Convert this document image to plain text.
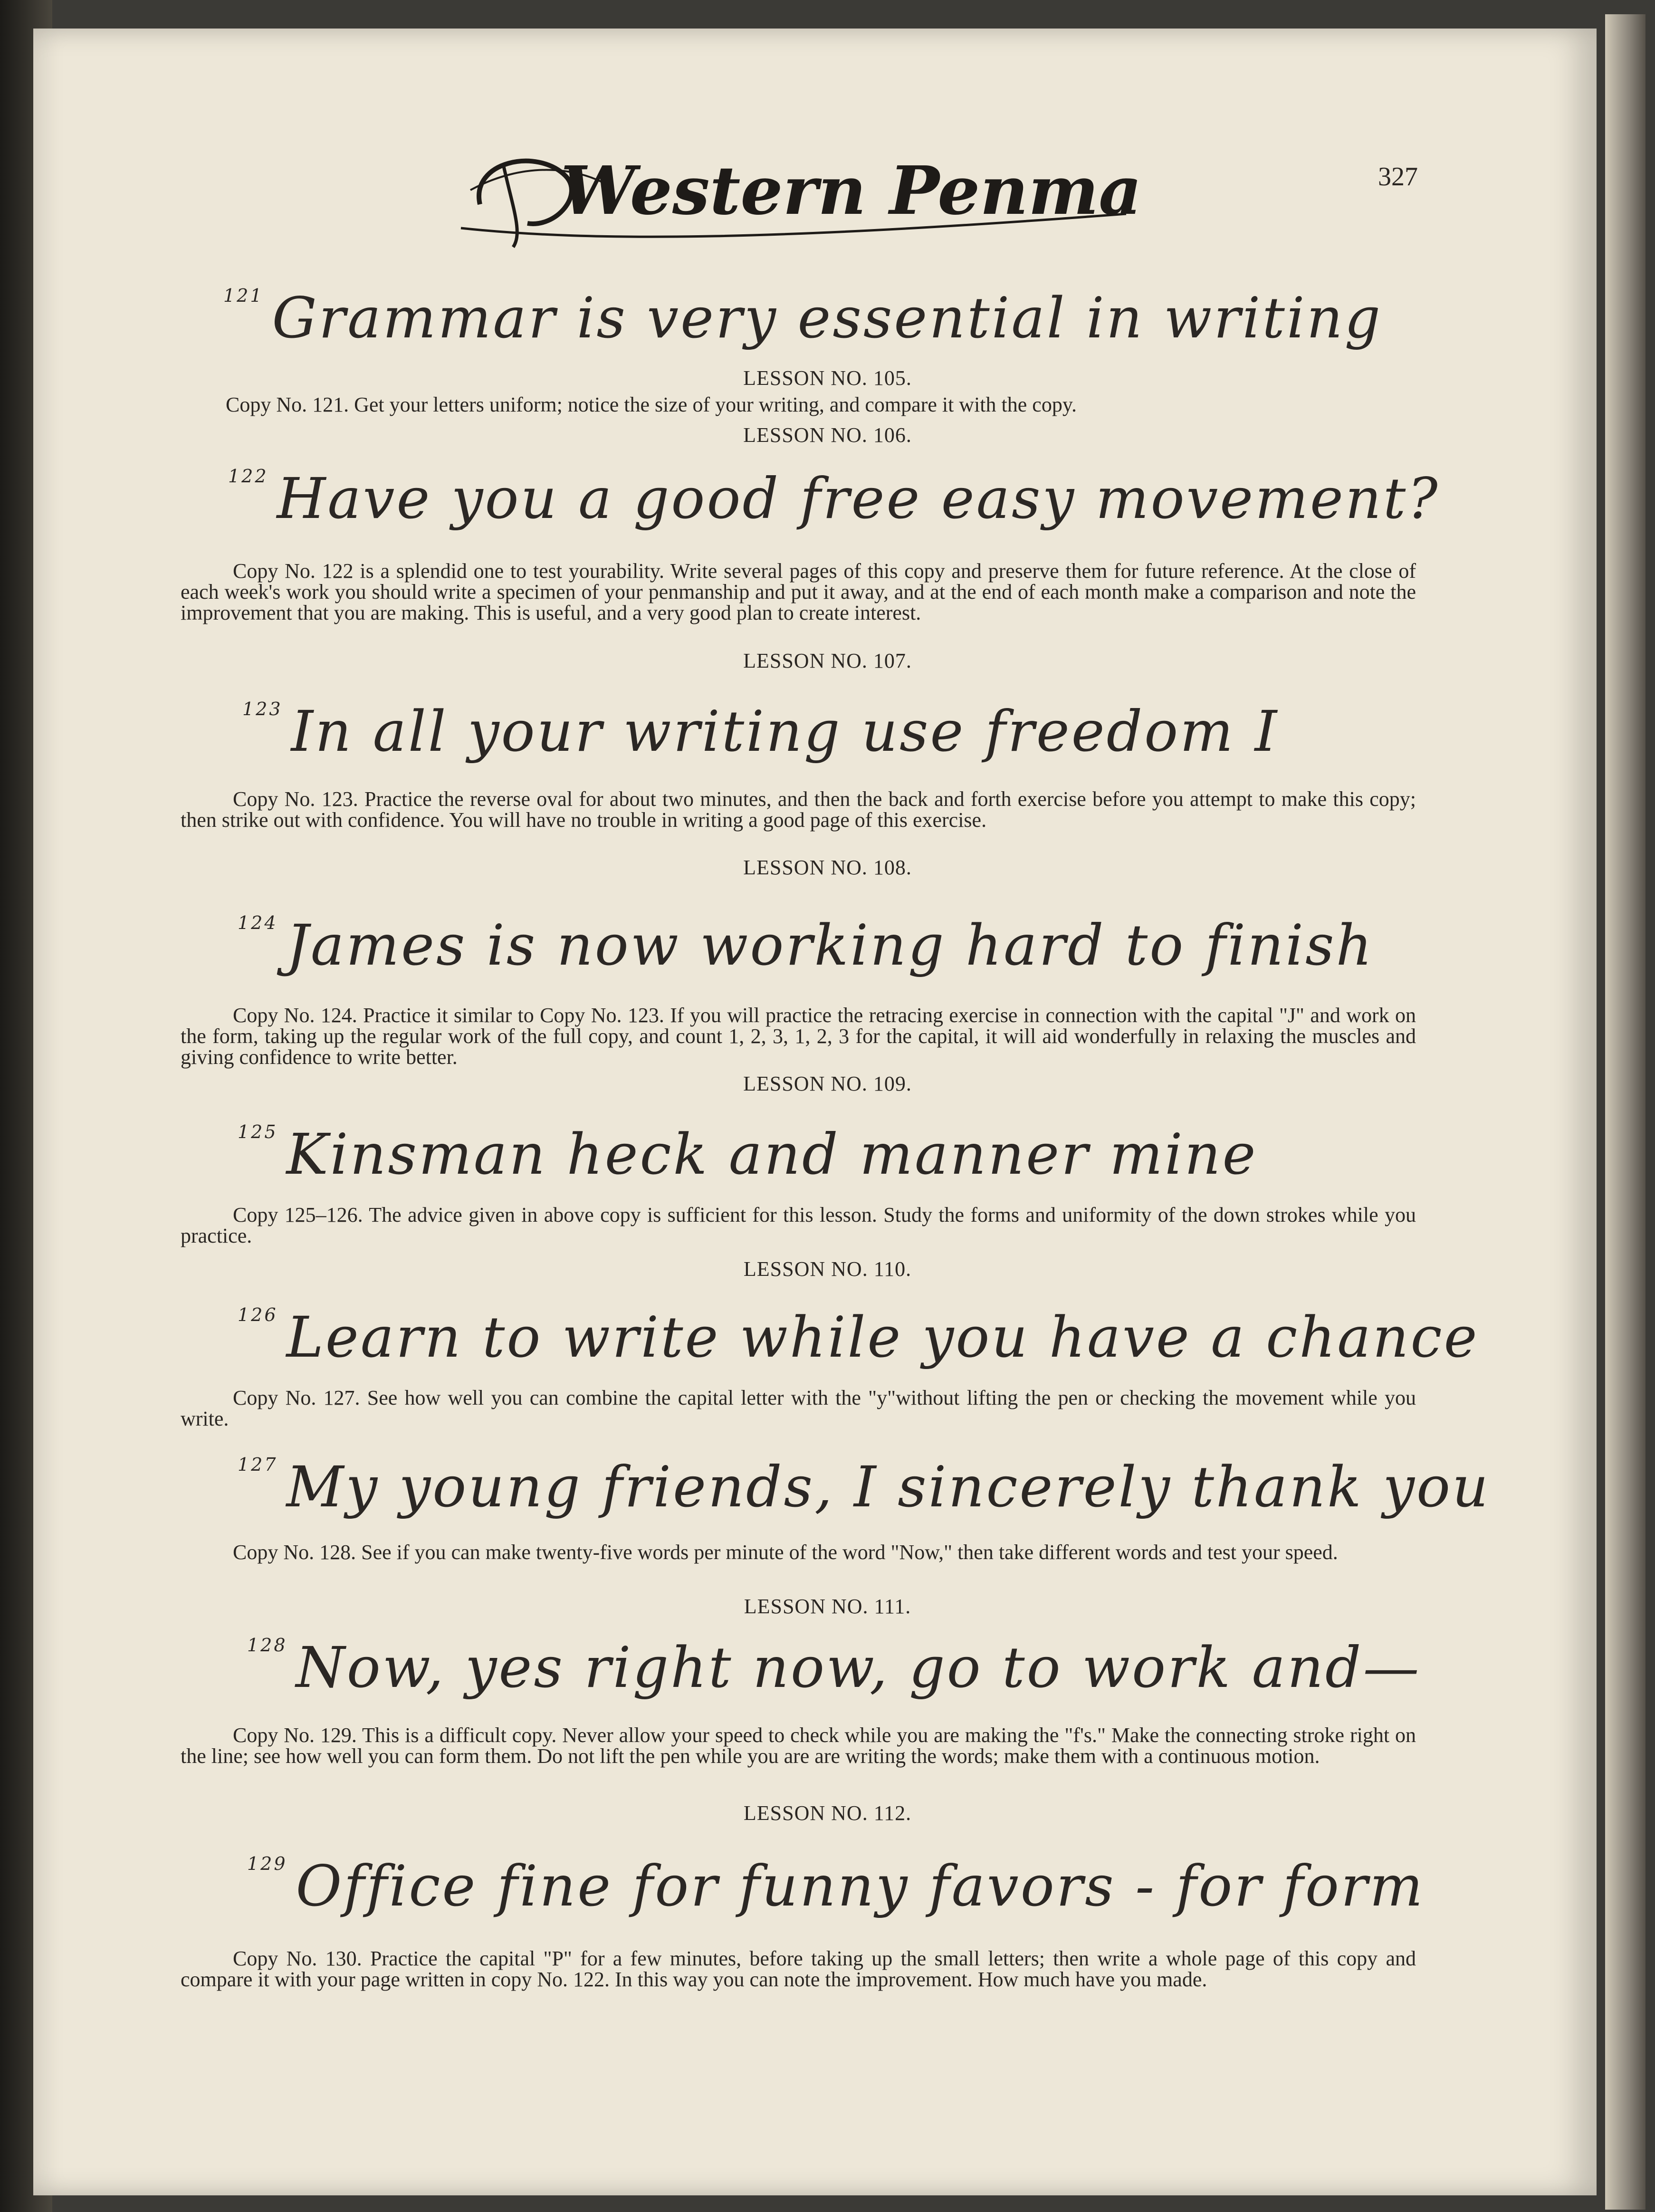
Western Penman	327
$^{121}$ Grammar is very essential in writing
LESSON NO. 105.
Copy No. 121. Get your letters uniform; notice the size of your writing, and compare it with the copy.
LESSON NO. 106.
$^{122}$ Have you a good free easy movement?
Copy No. 122 is a splendid one to test yourability. Write several pages of this copy and preserve them for future reference. At the close of each week's work you should write a specimen of your penmanship and put it away, and at the end of each month make a comparison and note the improvement that you are making. This is useful, and a very good plan to create interest.
LESSON NO. 107.
$^{123}$ In all your writing use freedom I
Copy No. 123. Practice the reverse oval for about two minutes, and then the back and forth exercise before you attempt to make this copy; then strike out with confidence. You will have no trouble in writing a good page of this exercise.
LESSON NO. 108.
$^{124}$ James is now working hard to finish
Copy No. 124. Practice it similar to Copy No. 123. If you will practice the retracing exercise in connection with the capital "J" and work on the form, taking up the regular work of the full copy, and count 1, 2, 3, 1, 2, 3 for the capital, it will aid wonderfully in relaxing the muscles and giving confidence to write better.
LESSON NO. 109.
$^{125}$ Kinsman heck and manner mine
Copy 125–126. The advice given in above copy is sufficient for this lesson. Study the forms and uniformity of the down strokes while you practice.
LESSON NO. 110.
$^{126}$ Learn to write while you have a chance
Copy No. 127. See how well you can combine the capital letter with the "y"without lifting the pen or checking the movement while you write.
$^{127}$ My young friends, I sincerely thank you
Copy No. 128. See if you can make twenty-five words per minute of the word "Now," then take different words and test your speed.
LESSON NO. 111.
$^{128}$ Now, yes right now, go to work and—
Copy No. 129. This is a difficult copy. Never allow your speed to check while you are making the "f's." Make the connecting stroke right on the line; see how well you can form them. Do not lift the pen while you are are writing the words; make them with a continuous motion.
LESSON NO. 112.
$^{129}$ Office fine for funny favors - for form
Copy No. 130. Practice the capital "P" for a few minutes, before taking up the small letters; then write a whole page of this copy and compare it with your page written in copy No. 122. In this way you can note the improvement. How much have you made.
